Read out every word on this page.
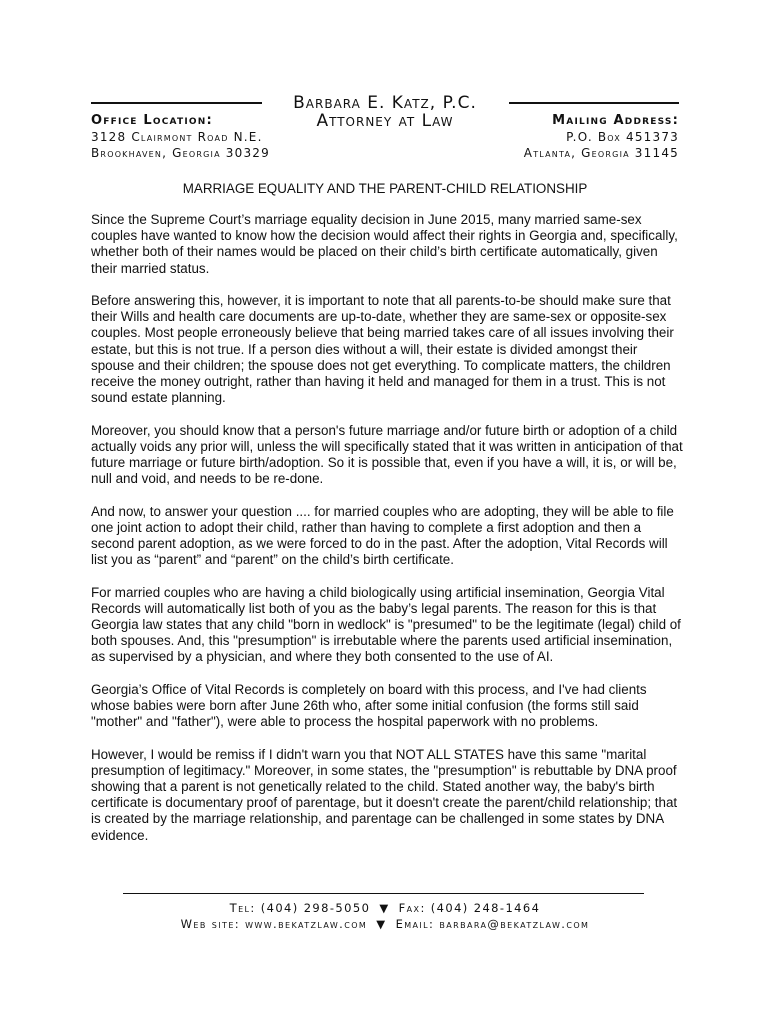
Barbara E. Katz, P.C.
Attorney at Law
Office Location:
3128 Clairmont Road N.E.
Brookhaven, Georgia 30329
Mailing Address:
P.O. Box 451373
Atlanta, Georgia 31145
MARRIAGE EQUALITY AND THE PARENT-CHILD RELATIONSHIP

Since the Supreme Court’s marriage equality decision in June 2015, many married same-sex couples have wanted to know how the decision would affect their rights in Georgia and, specifically, whether both of their names would be placed on their child’s birth certificate automatically, given their married status.

Before answering this, however, it is important to note that all parents-to-be should make sure that their Wills and health care documents are up-to-date, whether they are same-sex or opposite-sex couples. Most people erroneously believe that being married takes care of all issues involving their estate, but this is not true. If a person dies without a will, their estate is divided amongst their spouse and their children; the spouse does not get everything. To complicate matters, the children receive the money outright, rather than having it held and managed for them in a trust. This is not sound estate planning.

Moreover, you should know that a person's future marriage and/or future birth or adoption of a child actually voids any prior will, unless the will specifically stated that it was written in anticipation of that future marriage or future birth/adoption. So it is possible that, even if you have a will, it is, or will be, null and void, and needs to be re-done.

And now, to answer your question .... for married couples who are adopting, they will be able to file one joint action to adopt their child, rather than having to complete a first adoption and then a second parent adoption, as we were forced to do in the past. After the adoption, Vital Records will list you as “parent” and “parent” on the child’s birth certificate.

For married couples who are having a child biologically using artificial insemination, Georgia Vital Records will automatically list both of you as the baby’s legal parents. The reason for this is that Georgia law states that any child "born in wedlock" is "presumed" to be the legitimate (legal) child of both spouses. And, this "presumption" is irrebutable where the parents used artificial insemination, as supervised by a physician, and where they both consented to the use of AI.

Georgia’s Office of Vital Records is completely on board with this process, and I've had clients whose babies were born after June 26th who, after some initial confusion (the forms still said "mother" and "father"), were able to process the hospital paperwork with no problems.

However, I would be remiss if I didn't warn you that NOT ALL STATES have this same "marital presumption of legitimacy." Moreover, in some states, the "presumption" is rebuttable by DNA proof showing that a parent is not genetically related to the child. Stated another way, the baby's birth certificate is documentary proof of parentage, but it doesn't create the parent/child relationship; that is created by the marriage relationship, and parentage can be challenged in some states by DNA evidence.

Tel: (404) 298-5050 ▼ Fax: (404) 248-1464
Web site: www.bekatzlaw.com ▼ Email: barbara@bekatzlaw.com
